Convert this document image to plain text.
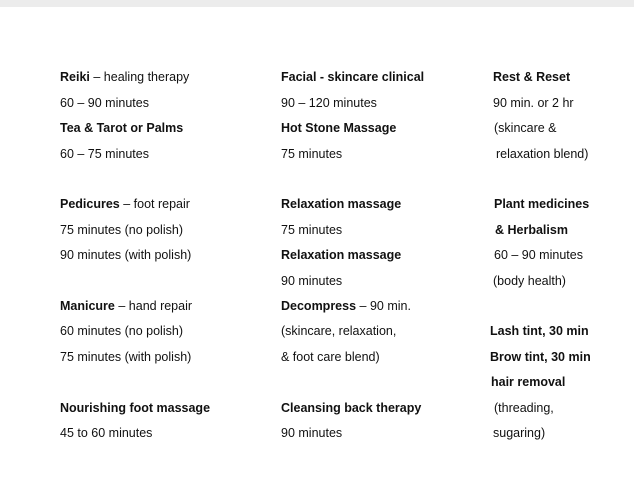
Reiki – healing therapy
60 – 90 minutes
Tea & Tarot or Palms
60 – 75 minutes
Pedicures – foot repair
75 minutes (no polish)
90 minutes (with polish)
Manicure – hand repair
60 minutes (no polish)
75 minutes (with polish)
Nourishing foot massage
45 to 60 minutes
Facial - skincare clinical
90 – 120 minutes
Hot Stone Massage
75 minutes
Relaxation massage
75 minutes
Relaxation massage
90 minutes
Decompress – 90 min.
(skincare, relaxation,
& foot care blend)
Cleansing back therapy
90 minutes
Rest & Reset
90 min. or 2 hr
(skincare &
relaxation blend)
Plant medicines
& Herbalism
60 – 90 minutes
(body health)
Lash tint, 30 min
Brow tint, 30 min
hair removal
(threading,
sugaring)
